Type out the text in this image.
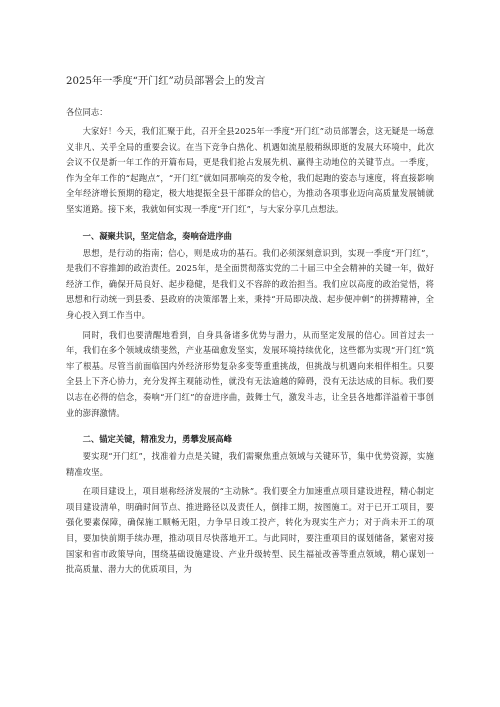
2025年一季度“开门红”动员部署会上的发言
各位同志：

大家好！今天，我们汇聚于此，召开全县2025年一季度“开门红”动员部署会，这无疑是一场意义非凡、关乎全局的重要会议。在当下竞争白热化、机遇如流星般稍纵即逝的发展大环境中，此次会议不仅是新一年工作的开篇布局，更是我们抢占发展先机、赢得主动地位的关键节点。一季度，作为全年工作的“起跑点”，“开门红”就如同那响亮的发令枪，我们起跑的姿态与速度，将直接影响全年经济增长预期的稳定，极大地提振全县干部群众的信心，为推动各项事业迈向高质量发展铺就坚实道路。接下来，我就如何实现一季度“开门红”，与大家分享几点想法。

一、凝聚共识，坚定信念，奏响奋进序曲

思想，是行动的指南；信心，则是成功的基石。我们必须深刻意识到，实现一季度“开门红”，是我们不容推卸的政治责任。2025年，是全面贯彻落实党的二十届三中全会精神的关键一年，做好经济工作，确保开局良好、起步稳健，是我们义不容辞的政治担当。我们应以高度的政治觉悟，将思想和行动统一到县委、县政府的决策部署上来，秉持“开局即决战、起步便冲刺”的拼搏精神，全身心投入到工作当中。

同时，我们也要清醒地看到，自身具备诸多优势与潜力，从而坚定发展的信心。回首过去一年，我们在多个领域成绩斐然，产业基础愈发坚实，发展环境持续优化，这些都为实现“开门红”筑牢了根基。尽管当前面临国内外经济形势复杂多变等重重挑战，但挑战与机遇向来相伴相生。只要全县上下齐心协力，充分发挥主观能动性，就没有无法逾越的障碍，没有无法达成的目标。我们要以志在必得的信念，奏响“开门红”的奋进序曲，鼓舞士气，激发斗志，让全县各地都洋溢着干事创业的澎湃激情。

二、锚定关键，精准发力，勇攀发展高峰

要实现“开门红”，找准着力点是关键，我们需聚焦重点领域与关键环节，集中优势资源，实施精准攻坚。

在项目建设上，项目堪称经济发展的“主动脉”。我们要全力加速重点项目建设进程，精心制定项目建设清单，明确时间节点、推进路径以及责任人，倒排工期，按图施工。对于已开工项目，要强化要素保障，确保施工顺畅无阻，力争早日竣工投产，转化为现实生产力；对于尚未开工的项目，要加快前期手续办理，推动项目尽快落地开工。与此同时，要注重项目的谋划储备，紧密对接国家和省市政策导向，围绕基础设施建设、产业升级转型、民生福祉改善等重点领域，精心谋划一批高质量、潜力大的优质项目，为
